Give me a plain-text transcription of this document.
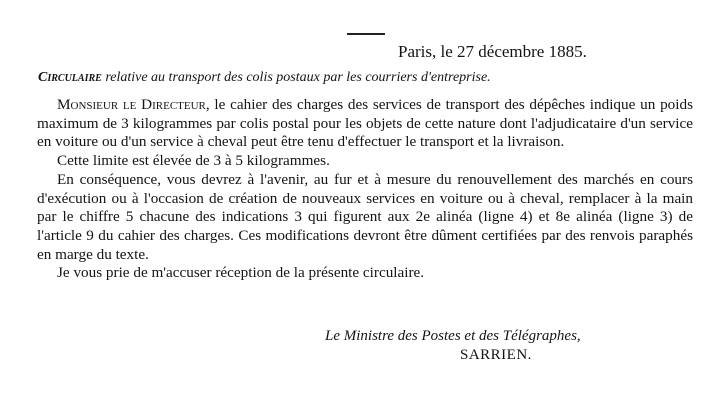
Paris, le 27 décembre 1885.
Circulaire relative au transport des colis postaux par les courriers d'entreprise.

Monsieur le Directeur, le cahier des charges des services de transport des dépêches indique un poids maximum de 3 kilogrammes par colis postal pour les objets de cette nature dont l'adjudicataire d'un service en voiture ou d'un service à cheval peut être tenu d'effectuer le transport et la livraison.

Cette limite est élevée de 3 à 5 kilogrammes.

En conséquence, vous devrez à l'avenir, au fur et à mesure du renouvellement des marchés en cours d'exécution ou à l'occasion de création de nouveaux services en voiture ou à cheval, remplacer à la main par le chiffre 5 chacune des indications 3 qui figurent aux 2e alinéa (ligne 4) et 8e alinéa (ligne 3) de l'article 9 du cahier des charges. Ces modifications devront être dûment certifiées par des renvois paraphés en marge du texte.

Je vous prie de m'accuser réception de la présente circulaire.

Le Ministre des Postes et des Télégraphes,
SARRIEN.
